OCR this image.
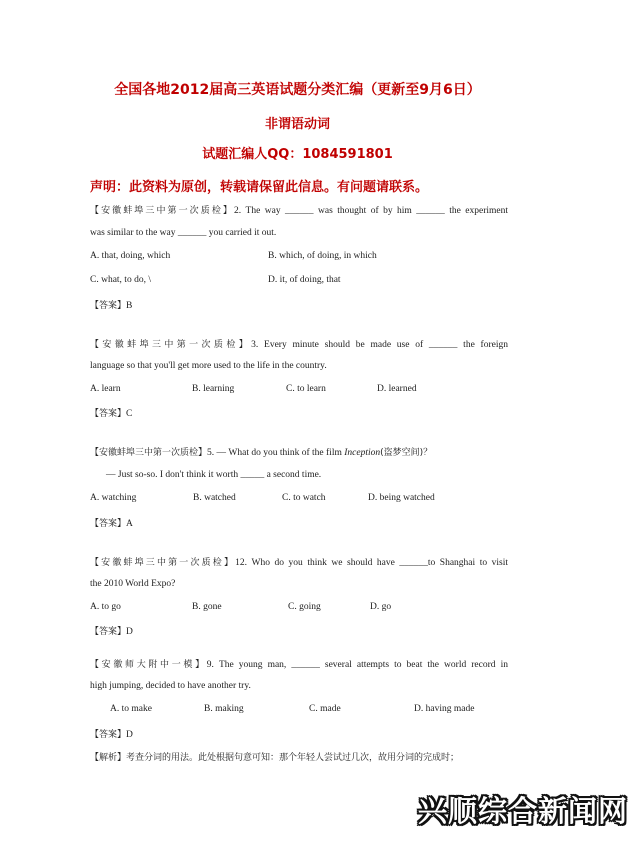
全国各地2012届高三英语试题分类汇编（更新至9月6日）
非谓语动词
试题汇编人QQ：1084591801
声明：此资料为原创，转载请保留此信息。有问题请联系。
【安徽蚌埠三中第一次质检】2. The way ______ was thought of by him ______ the experiment
was similar to the way ______ you carried it out.
A. that, doing, which	B. which, of doing, in which
C. what, to do, \	D. it, of doing, that
【答案】B
【安徽蚌埠三中第一次质检】3. Every minute should be made use of ______ the foreign
language so that you'll get more used to the life in the country.
A. learn	B. learning	C. to learn	D. learned
【答案】C
【安徽蚌埠三中第一次质检】5. — What do you think of the film Inception(盗梦空间)？
— Just so-so. I don't think it worth _____ a second time.
A. watching	B. watched	C. to watch	D. being watched
【答案】A
【安徽蚌埠三中第一次质检】12. Who do you think we should have ______to Shanghai to visit
the 2010 World Expo?
A. to go	B. gone	C. going	D. go
【答案】D
【安徽师大附中一模】9. The young man, ______ several attempts to beat the world record in
high jumping, decided to have another try.
A. to make	B. making	C. made	D. having made
【答案】D
【解析】考查分词的用法。此处根据句意可知：那个年轻人尝试过几次，故用分词的完成时；
兴顺综合新闻网
